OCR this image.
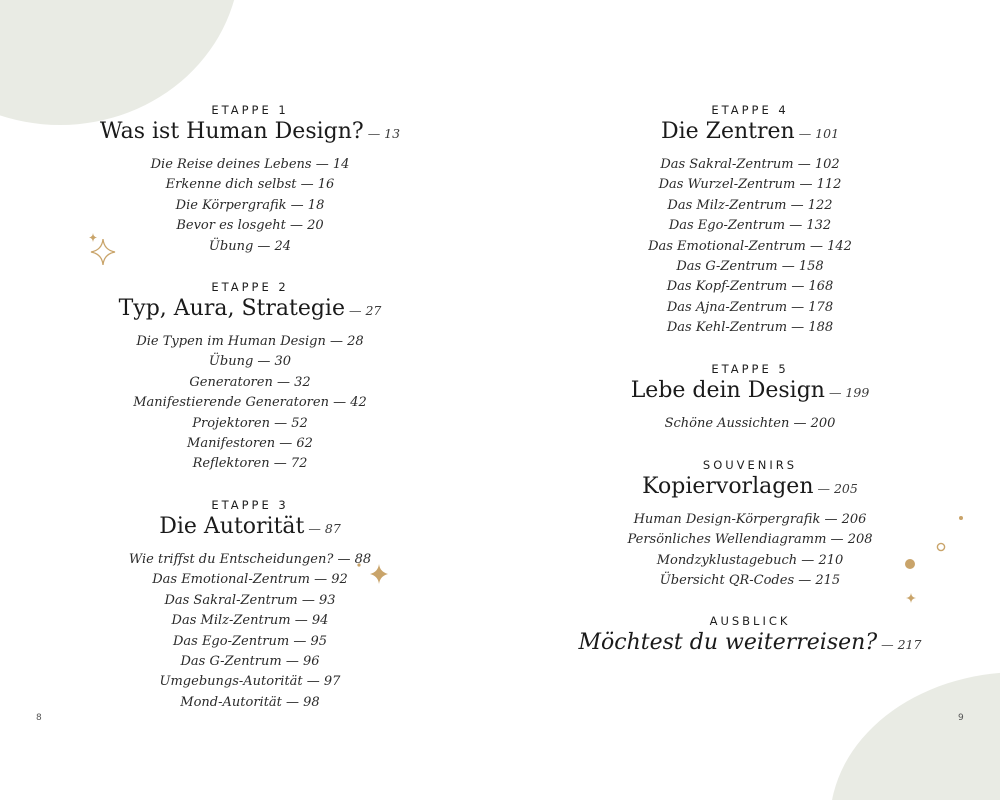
ETAPPE 1
Was ist Human Design? — 13
Die Reise deines Lebens — 14
Erkenne dich selbst — 16
Die Körpergrafik — 18
Bevor es losgeht — 20
Übung — 24
ETAPPE 2
Typ, Aura, Strategie — 27
Die Typen im Human Design — 28
Übung — 30
Generatoren — 32
Manifestierende Generatoren — 42
Projektoren — 52
Manifestoren — 62
Reflektoren — 72
ETAPPE 3
Die Autorität — 87
Wie triffst du Entscheidungen? — 88
Das Emotional-Zentrum — 92
Das Sakral-Zentrum — 93
Das Milz-Zentrum — 94
Das Ego-Zentrum — 95
Das G-Zentrum — 96
Umgebungs-Autorität — 97
Mond-Autorität — 98
8
ETAPPE 4
Die Zentren — 101
Das Sakral-Zentrum — 102
Das Wurzel-Zentrum — 112
Das Milz-Zentrum — 122
Das Ego-Zentrum — 132
Das Emotional-Zentrum — 142
Das G-Zentrum — 158
Das Kopf-Zentrum — 168
Das Ajna-Zentrum — 178
Das Kehl-Zentrum — 188
ETAPPE 5
Lebe dein Design — 199
Schöne Aussichten — 200
SOUVENIRS
Kopiervorlagen — 205
Human Design-Körpergrafik — 206
Persönliches Wellendiagramm — 208
Mondzyklustagebuch — 210
Übersicht QR-Codes — 215
AUSBLICK
Möchtest du weiterreisen? — 217
9
